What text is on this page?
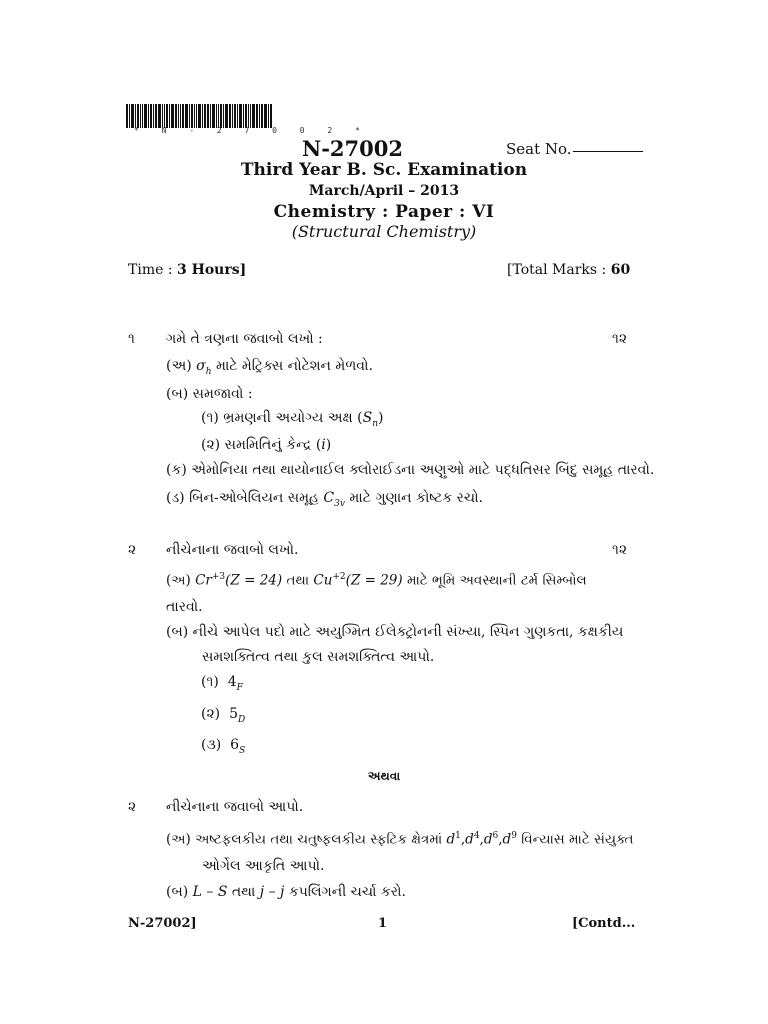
* N - 2 7 0 0 2 *
N-27002	Seat No.
Third Year B. Sc. Examination
March/April – 2013
Chemistry : Paper : VI
(Structural Chemistry)
Time : 3 Hours]	[Total Marks : 60
૧ ગમે તે ત્રણના જવાબો લખો :	૧૨
(અ) $\sigma_h$ માટે મેટ્રિક્સ નોટેશન મેળવો.
(બ) સમજાવો :
(૧) ભ્રમણની અયોગ્ય અક્ષ $(S_n)$
(૨) સમમિતિનું કેન્દ્ર (i)
(ક) એમોનિયા તથા થાયોનાઈલ ક્લોરાઈડના અણુઓ માટે પદ્ધતિસર બિંદુ સમૂહ તારવો.
(ડ) બિન-ઓબેલિયન સમૂહ $C_{3v}$ માટે ગુણાન કોષ્ટક રચો.
૨ નીચેનાના જવાબો લખો.	૧૨
(અ) $Cr^{+3}(Z = 24)$ તથા $Cu^{+2}(Z = 29)$ માટે ભૂમિ અવસ્થાની ટર્મ સિમ્બોલ
તારવો.
(બ) નીચે આપેલ પદો માટે અયુગ્મિત ઈલેક્ટ્રોનની સંખ્યા, સ્પિન ગુણકતા, કક્ષકીય
સમશક્તિત્વ તથા કુલ સમશક્તિત્વ આપો.
(૧) $4_F$
(૨) $5_D$
(૩) $6_S$
અથવા
૨ નીચેનાના જવાબો આપો.
(અ) અષ્ટફલકીય તથા ચતુષ્ફલકીય સ્ફટિક ક્ષેત્રમાં $d^1,d^4,d^6,d^9$ વિન્યાસ માટે સંયુક્ત
ઓર્ગેલ આકૃતિ આપો.
(બ) L – S તથા j – j કપલિંગની ચર્ચા કરો.
N-27002]	1	[Contd...
